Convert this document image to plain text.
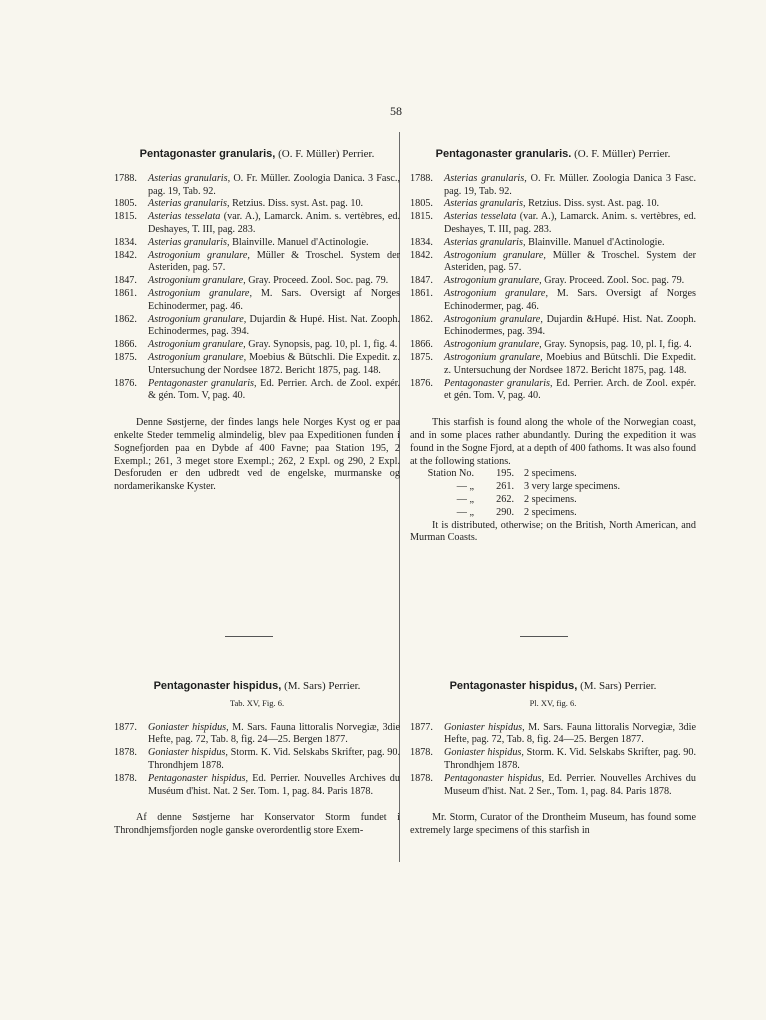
58

Pentagonaster granularis, (O. F. Müller) Perrier.

1788.	Asterias granularis, O. Fr. Müller. Zoologia Danica. 3 Fasc., pag. 19, Tab. 92.
1805.	Asterias granularis, Retzius. Diss. syst. Ast. pag. 10.
1815.	Asterias tesselata (var. A.), Lamarck. Anim. s. vertèbres, ed. Deshayes, T. III, pag. 283.
1834.	Asterias granularis, Blainville. Manuel d'Actinologie.
1842.	Astrogonium granulare, Müller & Troschel. System der Asteriden, pag. 57.
1847.	Astrogonium granulare, Gray. Proceed. Zool. Soc. pag. 79.
1861.	Astrogonium granulare, M. Sars. Oversigt af Norges Echinodermer, pag. 46.
1862.	Astrogonium granulare, Dujardin & Hupé. Hist. Nat. Zooph. Echinodermes, pag. 394.
1866.	Astrogonium granulare, Gray. Synopsis, pag. 10, pl. 1, fig. 4.
1875.	Astrogonium granulare, Moebius & Bütschli. Die Expedit. z. Untersuchung der Nordsee 1872. Bericht 1875, pag. 148.
1876.	Pentagonaster granularis, Ed. Perrier. Arch. de Zool. expér. & gén. Tom. V, pag. 40.

Denne Søstjerne, der findes langs hele Norges Kyst og er paa enkelte Steder temmelig almindelig, blev paa Expeditionen funden i Sognefjorden paa en Dybde af 400 Favne; paa Station 195, 2 Exempl.; 261, 3 meget store Exempl.; 262, 2 Expl. og 290, 2 Expl. Desforuden er den udbredt ved de engelske, murmanske og nordamerikanske Kyster.

Pentagonaster hispidus, (M. Sars) Perrier.

Tab. XV, Fig. 6.
1877.	Goniaster hispidus, M. Sars. Fauna littoralis Norvegiæ, 3die Hefte, pag. 72, Tab. 8, fig. 24—25. Bergen 1877.
1878.	Goniaster hispidus, Storm. K. Vid. Selskabs Skrifter, pag. 90. Throndhjem 1878.
1878.	Pentagonaster hispidus, Ed. Perrier. Nouvelles Archives du Muséum d'hist. Nat. 2 Ser. Tom. 1, pag. 84. Paris 1878.

Af denne Søstjerne har Konservator Storm fundet i Throndhjemsfjorden nogle ganske overordentlig store Exem-

Pentagonaster granularis. (O. F. Müller) Perrier.

1788.	Asterias granularis, O. Fr. Müller. Zoologia Danica 3 Fasc. pag. 19, Tab. 92.
1805.	Asterias granularis, Retzius. Diss. syst. Ast. pag. 10.
1815.	Asterias tesselata (var. A.), Lamarck. Anim. s. vertèbres, ed. Deshayes, T. III, pag. 283.
1834.	Asterias granularis, Blainville. Manuel d'Actinologie.
1842.	Astrogonium granulare, Müller & Troschel. System der Asteriden, pag. 57.
1847.	Astrogonium granulare, Gray. Proceed. Zool. Soc. pag. 79.
1861.	Astrogonium granulare, M. Sars. Oversigt af Norges Echinodermer, pag. 46.
1862.	Astrogonium granulare, Dujardin &Hupé. Hist. Nat. Zooph. Echinodermes, pag. 394.
1866.	Astrogonium granulare, Gray. Synopsis, pag. 10, pl. I, fig. 4.
1875.	Astrogonium granulare, Moebius and Bütschli. Die Expedit. z. Untersuchung der Nordsee 1872. Bericht 1875, pag. 148.
1876.	Pentagonaster granularis, Ed. Perrier. Arch. de Zool. expér. et gén. Tom. V, pag. 40.

This starfish is found along the whole of the Norwegian coast, and in some places rather abundantly. During the expedition it was found in the Sogne Fjord, at a depth of 400 fathoms. It was also found at the following stations.

Station No.	195. 2 specimens.
— „	261. 3 very large specimens.
— „	262. 2 specimens.
— „	290. 2 specimens.

It is distributed, otherwise; on the British, North American, and Murman Coasts.

Pentagonaster hispidus, (M. Sars) Perrier.

Pl. XV, fig. 6.
1877.	Goniaster hispidus, M. Sars. Fauna littoralis Norvegiæ, 3die Hefte, pag. 72, Tab. 8, fig. 24—25. Bergen 1877.
1878.	Goniaster hispidus, Storm. K. Vid. Selskabs Skrifter, pag. 90. Throndhjem 1878.
1878.	Pentagonaster hispidus, Ed. Perrier. Nouvelles Archives du Museum d'hist. Nat. 2 Ser., Tom. 1, pag. 84. Paris 1878.

Mr. Storm, Curator of the Drontheim Museum, has found some extremely large specimens of this starfish in
